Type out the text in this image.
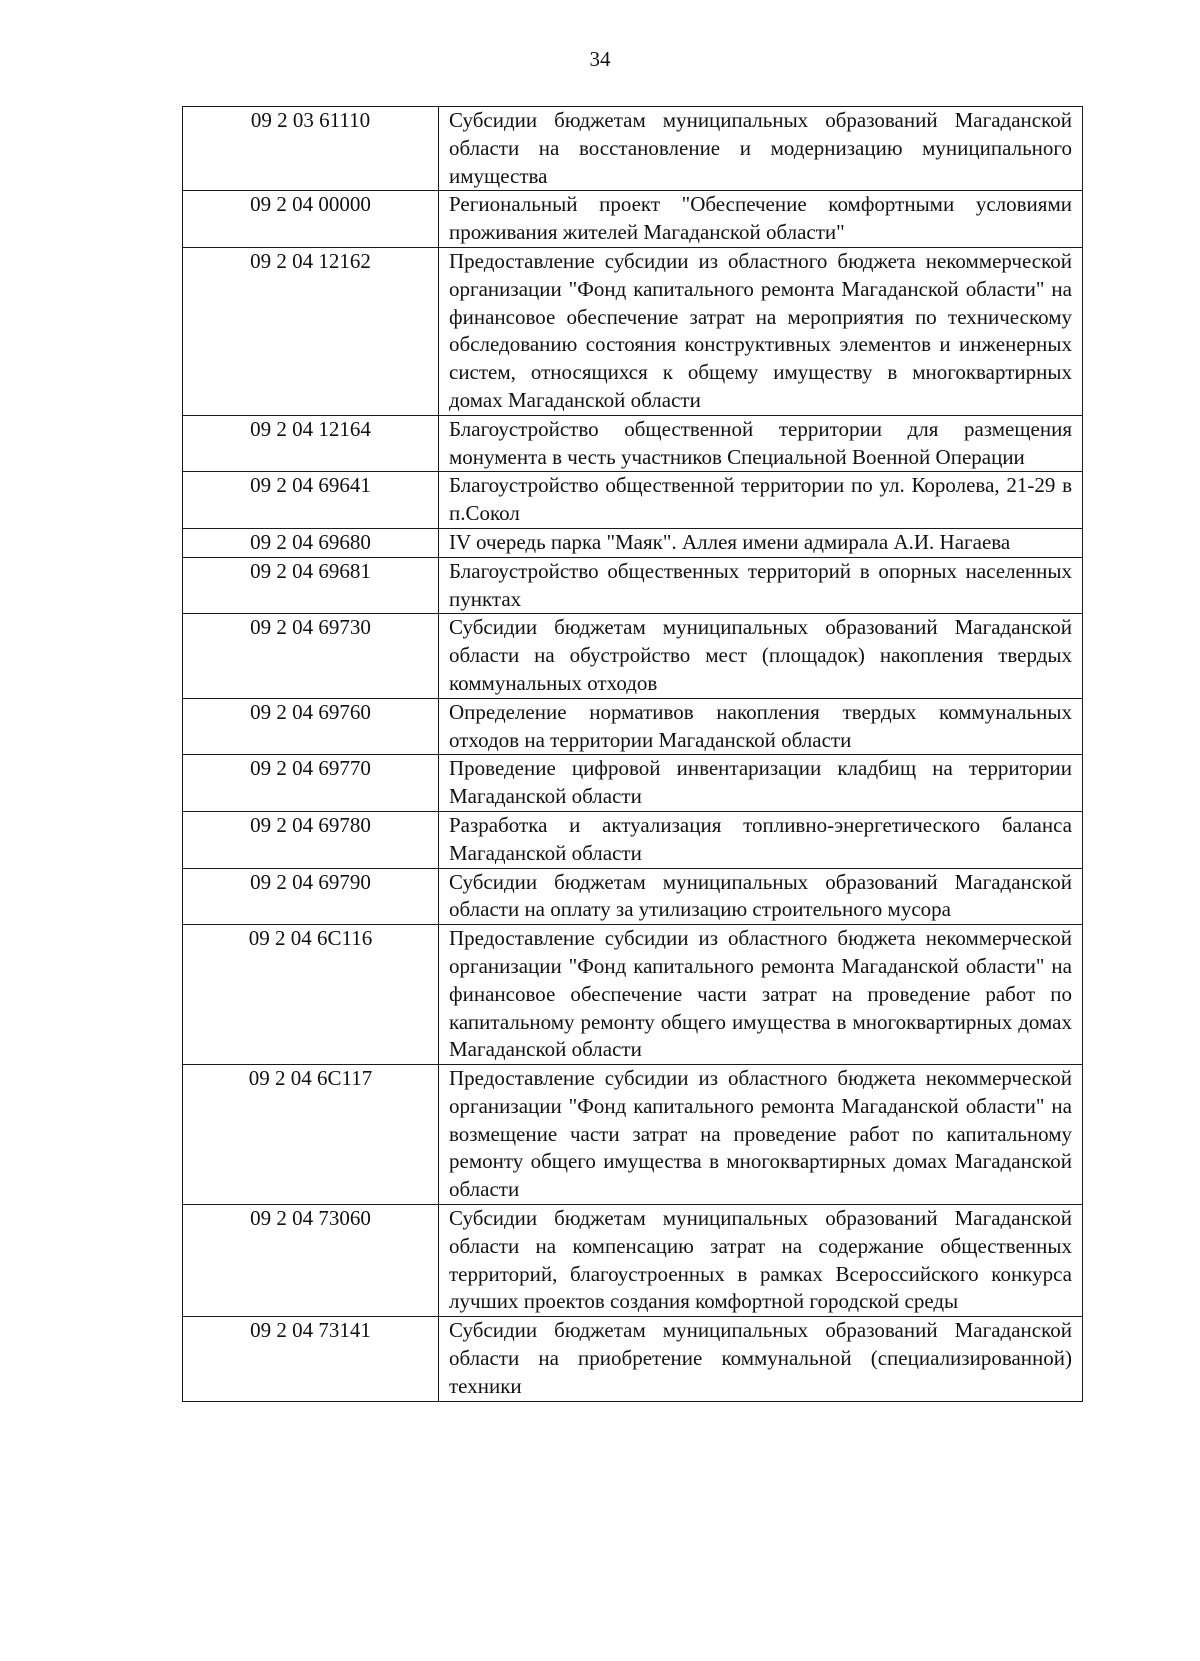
34
09 2 03 61110	Субсидии бюджетам муниципальных образований Магаданской области на восстановление и модернизацию муниципального имущества
09 2 04 00000	Региональный проект "Обеспечение комфортными условиями проживания жителей Магаданской области"
09 2 04 12162	Предоставление субсидии из областного бюджета некоммерческой организации "Фонд капитального ремонта Магаданской области" на финансовое обеспечение затрат на мероприятия по техническому обследованию состояния конструктивных элементов и инженерных систем, относящихся к общему имуществу в многоквартирных домах Магаданской области
09 2 04 12164	Благоустройство общественной территории для размещения монумента в честь участников Специальной Военной Операции
09 2 04 69641	Благоустройство общественной территории по ул. Королева, 21-29 в п.Сокол
09 2 04 69680	IV очередь парка "Маяк". Аллея имени адмирала А.И. Нагаева
09 2 04 69681	Благоустройство общественных территорий в опорных населенных пунктах
09 2 04 69730	Субсидии бюджетам муниципальных образований Магаданской области на обустройство мест (площадок) накопления твердых коммунальных отходов
09 2 04 69760	Определение нормативов накопления твердых коммунальных отходов на территории Магаданской области
09 2 04 69770	Проведение цифровой инвентаризации кладбищ на территории Магаданской области
09 2 04 69780	Разработка и актуализация топливно-энергетического баланса Магаданской области
09 2 04 69790	Субсидии бюджетам муниципальных образований Магаданской области на оплату за утилизацию строительного мусора
09 2 04 6С116	Предоставление субсидии из областного бюджета некоммерческой организации "Фонд капитального ремонта Магаданской области" на финансовое обеспечение части затрат на проведение работ по капитальному ремонту общего имущества в многоквартирных домах Магаданской области
09 2 04 6С117	Предоставление субсидии из областного бюджета некоммерческой организации "Фонд капитального ремонта Магаданской области" на возмещение части затрат на проведение работ по капитальному ремонту общего имущества в многоквартирных домах Магаданской области
09 2 04 73060	Субсидии бюджетам муниципальных образований Магаданской области на компенсацию затрат на содержание общественных территорий, благоустроенных в рамках Всероссийского конкурса лучших проектов создания комфортной городской среды
09 2 04 73141	Субсидии бюджетам муниципальных образований Магаданской области на приобретение коммунальной (специализированной) техники
